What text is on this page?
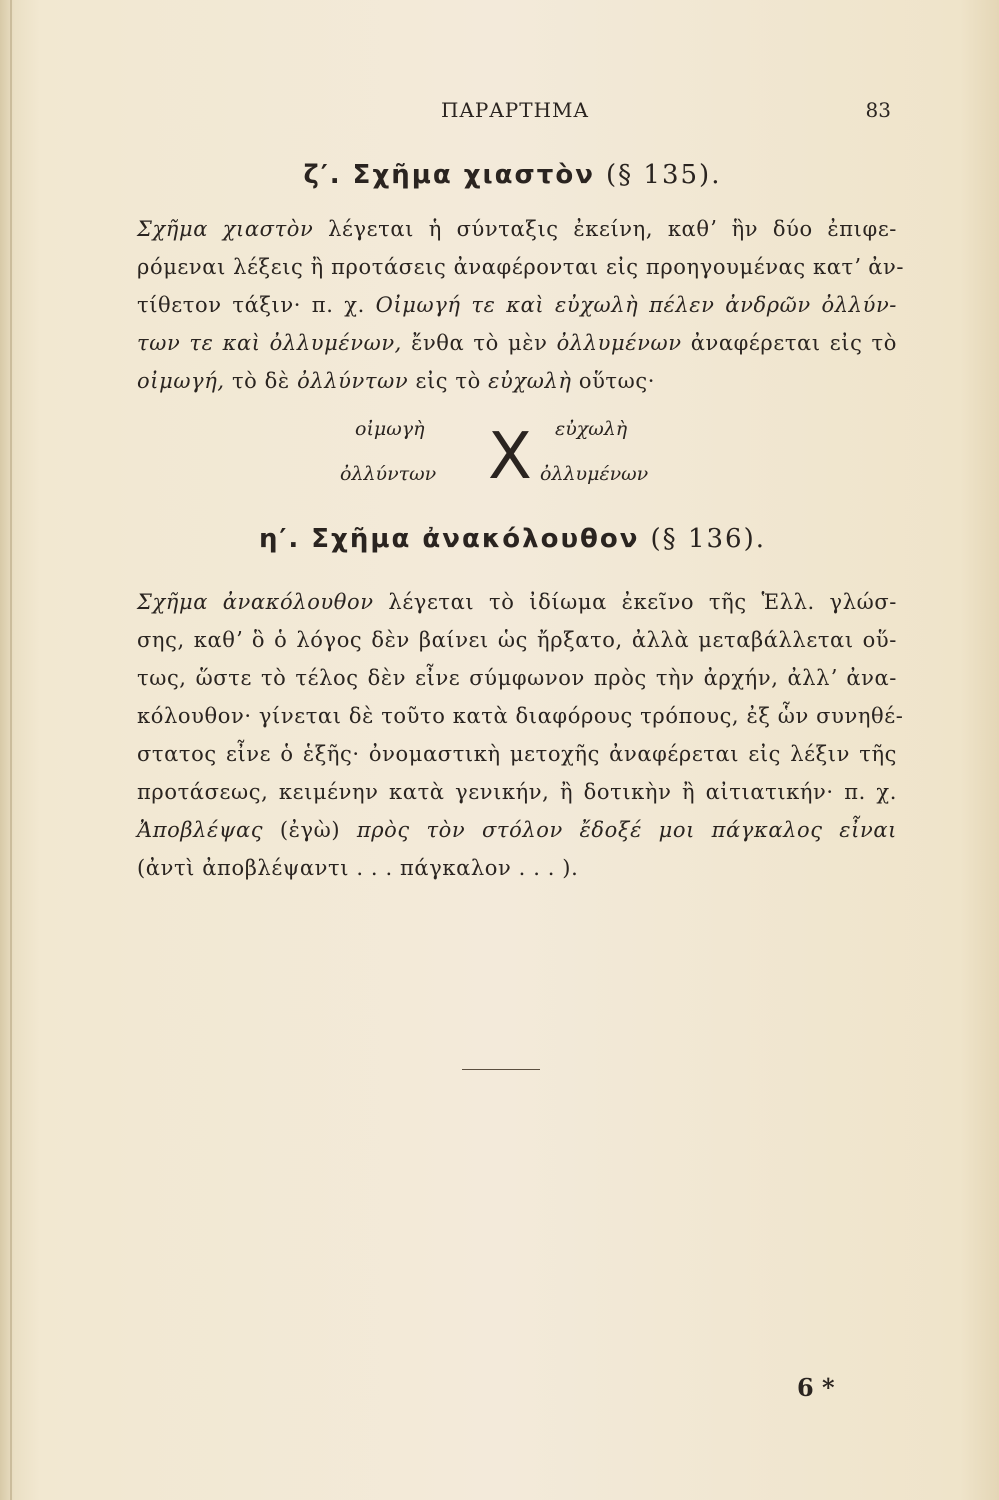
ΠΑΡΑΡΤΗΜΑ	83
ζ′. Σχῆμα χιαστὸν (§ 135).
Σχῆμα χιαστὸν λέγεται ἡ σύνταξις ἐκείνη, καθʼ ἣν δύο ἐπιφε-
ρόμεναι λέξεις ἢ προτάσεις ἀναφέρονται εἰς προηγουμένας κατʼ ἀν-
τίθετον τάξιν· π. χ. Οἰμωγή τε καὶ εὐχωλὴ πέλεν ἀνδρῶν ὀλλύν-
των τε καὶ ὀλλυμένων, ἔνθα τὸ μὲν ὀλλυμένων ἀναφέρεται εἰς τὸ
οἰμωγή, τὸ δὲ ὀλλύντων εἰς τὸ εὐχωλὴ οὕτως·
οἰμωγὴ	εὐχωλὴ
ὀλλύντων	ὀλλυμένων
X
η′. Σχῆμα ἀνακόλουθον (§ 136).
Σχῆμα ἀνακόλουθον λέγεται τὸ ἰδίωμα ἐκεῖνο τῆς Ἑλλ. γλώσ-
σης, καθʼ ὃ ὁ λόγος δὲν βαίνει ὡς ἤρξατο, ἀλλὰ μεταβάλλεται οὕ-
τως, ὥστε τὸ τέλος δὲν εἶνε σύμφωνον πρὸς τὴν ἀρχήν, ἀλλʼ ἀνα-
κόλουθον· γίνεται δὲ τοῦτο κατὰ διαφόρους τρόπους, ἐξ ὧν συνηθέ-
στατος εἶνε ὁ ἑξῆς· ὀνομαστικὴ μετοχῆς ἀναφέρεται εἰς λέξιν τῆς
προτάσεως, κειμένην κατὰ γενικήν, ἢ δοτικὴν ἢ αἰτιατικήν· π. χ.
Ἀποβλέψας (ἐγὼ) πρὸς τὸν στόλον ἔδοξέ μοι πάγκαλος εἶναι
(ἀντὶ ἀποβλέψαντι . . . πάγκαλον . . . ).
6 *
